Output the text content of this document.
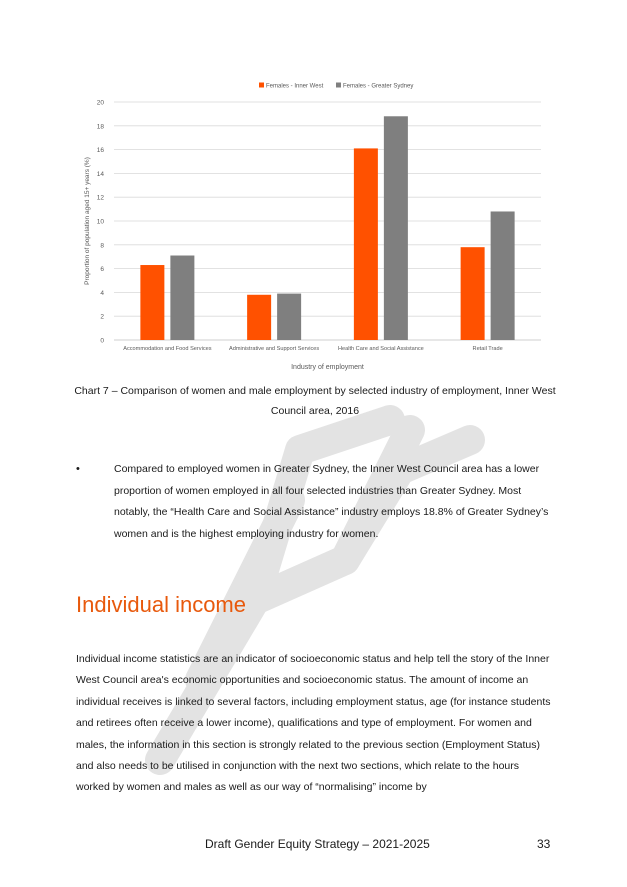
0
2
4
6
8
10
12
14
16
18
20
Accommodation and Food Services	Administrative and Support Services	Health Care and Social Assistance	Retail Trade
Industry of employment
Proportion of population aged 15+ years (%)
Females - Inner West	Females - Greater Sydney
Chart 7 – Comparison of women and male employment by selected industry of employment, Inner West
Council area, 2016
•	Compared to employed women in Greater Sydney, the Inner West Council area has a lower proportion of women employed in all four selected industries than Greater Sydney. Most notably, the “Health Care and Social Assistance” industry employs 18.8% of Greater Sydney’s women and is the highest employing industry for women.
Individual income

Individual income statistics are an indicator of socioeconomic status and help tell the story of the Inner West Council area's economic opportunities and socioeconomic status. The amount of income an individual receives is linked to several factors, including employment status, age (for instance students and retirees often receive a lower income), qualifications and type of employment. For women and males, the information in this section is strongly related to the previous section (Employment Status) and also needs to be utilised in conjunction with the next two sections, which relate to the hours worked by women and males as well as our way of “normalising” income by

Draft Gender Equity Strategy – 2021-2025	33
